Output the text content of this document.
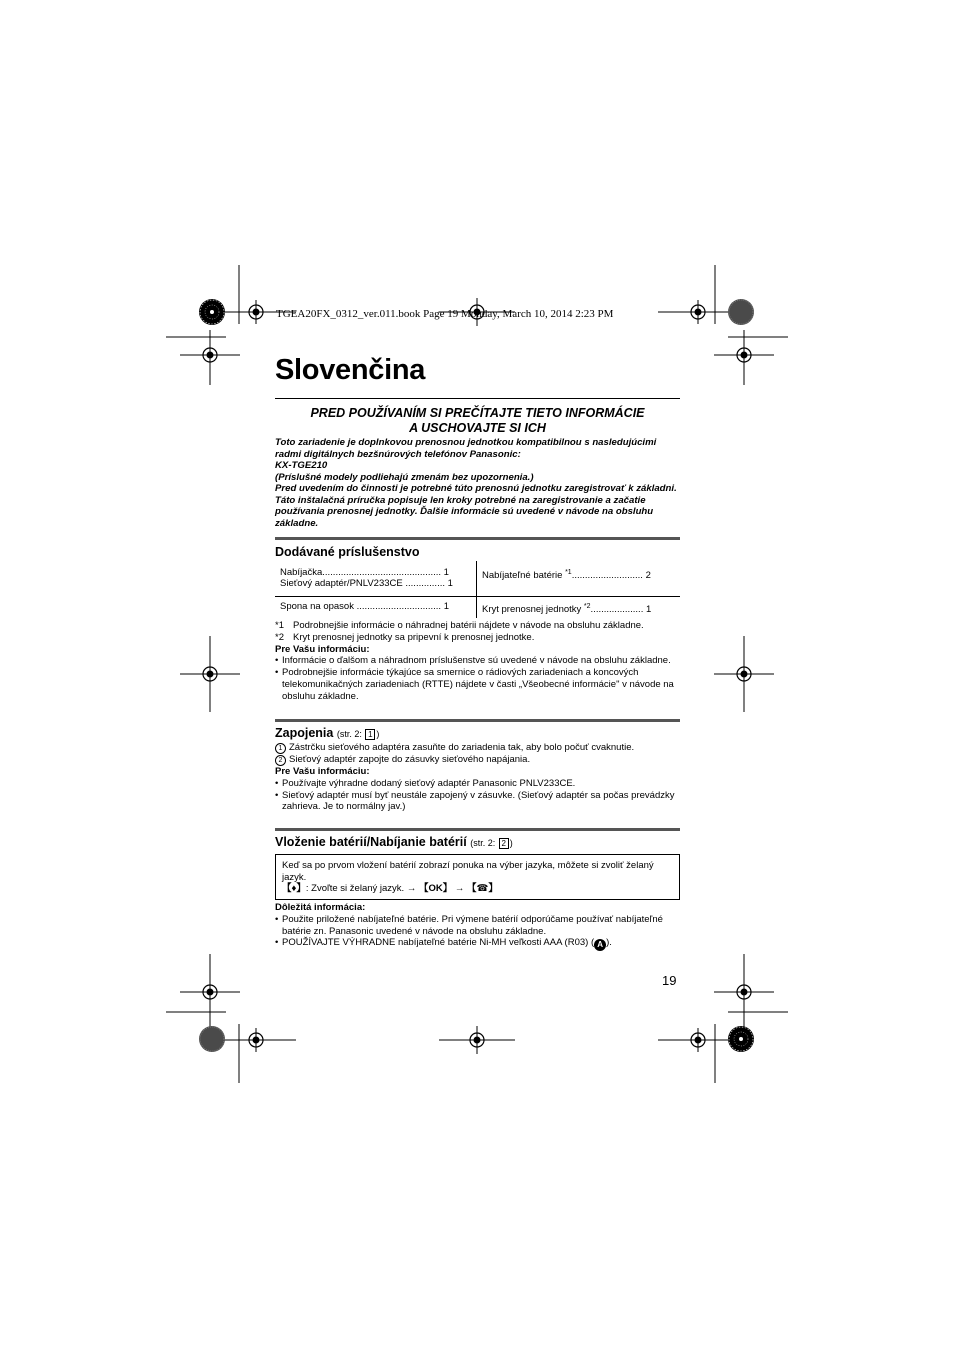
TGEA20FX_0312_ver.011.book Page 19 Monday, March 10, 2014 2:23 PM
Slovenčina
PRED POUŽÍVANÍM SI PREČÍTAJTE TIETO INFORMÁCIE
A USCHOVAJTE SI ICH

Toto zariadenie je doplnkovou prenosnou jednotkou kompatibilnou s nasledujúcimi radmi digitálnych bezšnúrových telefónov Panasonic:

KX-TGE210

(Príslušné modely podliehajú zmenám bez upozornenia.)

Pred uvedením do činnosti je potrebné túto prenosnú jednotku zaregistrovať k základni. Táto inštalačná príručka popisuje len kroky potrebné na zaregistrovanie a začatie používania prenosnej jednotky. Ďalšie informácie sú uvedené v návode na obsluhu základne.

Dodávané príslušenstvo
Nabíjačka............................................. 1
Sieťový adaptér/PNLV233CE ............... 1
Nabíjateľné batérie $^{*1}$........................... 2
Spona na opasok ................................ 1	Kryt prenosnej jednotky $^{*2}$.................... 1

*1 Podrobnejšie informácie o náhradnej batérii nájdete v návode na obsluhu základne.

*2 Kryt prenosnej jednotky sa pripevní k prenosnej jednotke.

Pre Vašu informáciu:

• Informácie o ďalšom a náhradnom príslušenstve sú uvedené v návode na obsluhu základne.

• Podrobnejšie informácie týkajúce sa smernice o rádiových zariadeniach a koncových telekomunikačných zariadeniach (RTTE) nájdete v časti „Všeobecné informácie" v návode na obsluhu základne.

Zapojenia (str. 2: 1 )

1 Zástrčku sieťového adaptéra zasuňte do zariadenia tak, aby bolo počuť cvaknutie.

2 Sieťový adaptér zapojte do zásuvky sieťového napájania.

Pre Vašu informáciu:

• Používajte výhradne dodaný sieťový adaptér Panasonic PNLV233CE.

• Sieťový adaptér musí byť neustále zapojený v zásuvke. (Sieťový adaptér sa počas prevádzky zahrieva. Je to normálny jav.)

Vloženie batérií/Nabíjanie batérií (str. 2: 2 )
Keď sa po prvom vložení batérií zobrazí ponuka na výber jazyka, môžete si zvoliť želaný jazyk.
【♦】: Zvoľte si želaný jazyk. → 【OK】 → 【☎】

Dôležitá informácia:

• Použite priložené nabíjateľné batérie. Pri výmene batérií odporúčame používať nabíjateľné batérie zn. Panasonic uvedené v návode na obsluhu základne.

• POUŽÍVAJTE VÝHRADNE nabíjateľné batérie Ni-MH veľkosti AAA (R03) ( A ).

19
